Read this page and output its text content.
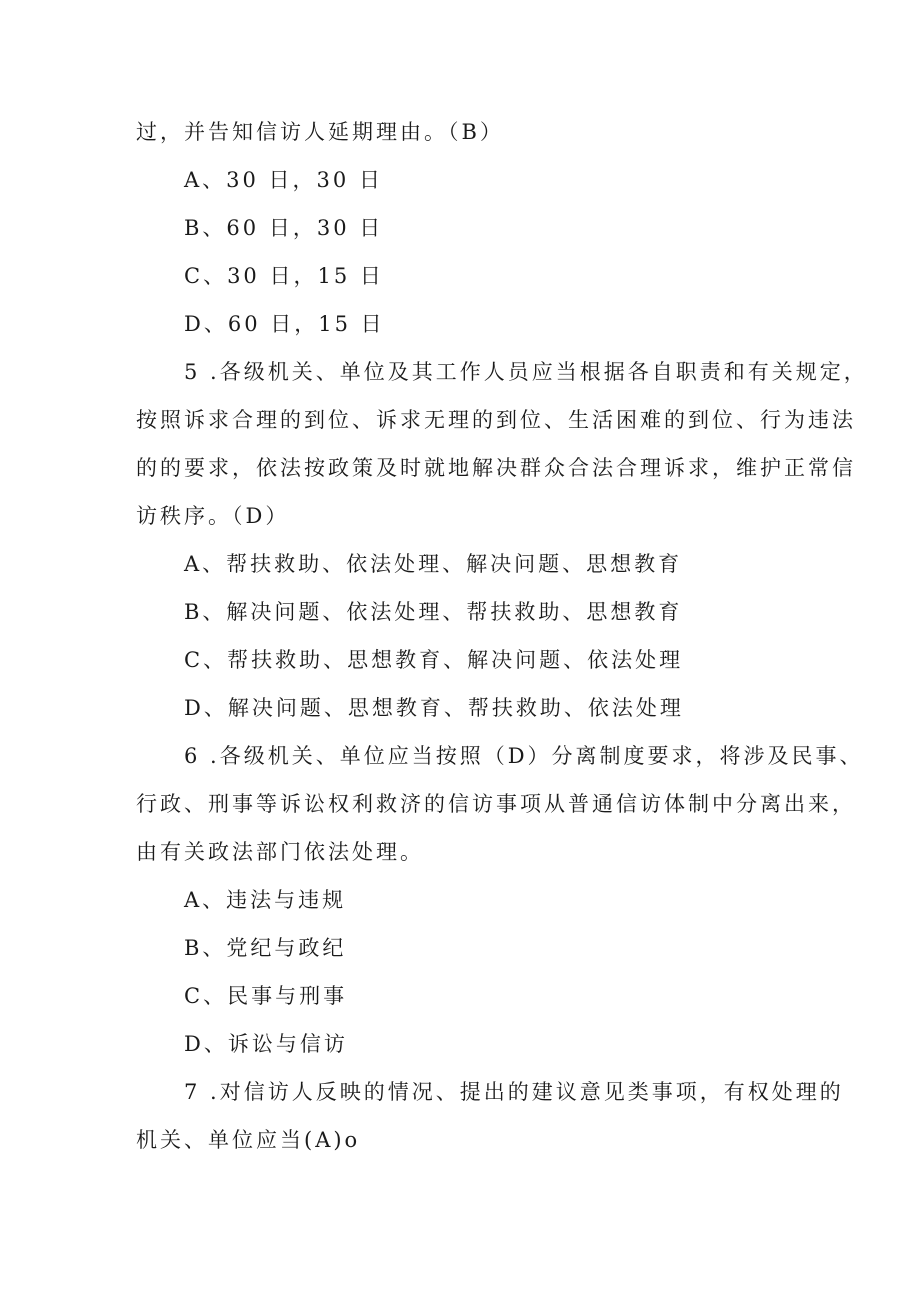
过，并告知信访人延期理由。（B）
A、30 日，30 日
B、60 日，30 日
C、30 日，15 日
D、60 日，15 日
5 .各级机关、单位及其工作人员应当根据各自职责和有关规定，
按照诉求合理的到位、诉求无理的到位、生活困难的到位、行为违法
的的要求，依法按政策及时就地解决群众合法合理诉求，维护正常信
访秩序。（D）
A、帮扶救助、依法处理、解决问题、思想教育
B、解决问题、依法处理、帮扶救助、思想教育
C、帮扶救助、思想教育、解决问题、依法处理
D、解决问题、思想教育、帮扶救助、依法处理
6 .各级机关、单位应当按照（D）分离制度要求，将涉及民事、
行政、刑事等诉讼权利救济的信访事项从普通信访体制中分离出来，
由有关政法部门依法处理。
A、违法与违规
B、党纪与政纪
C、民事与刑事
D、诉讼与信访
7 .对信访人反映的情况、提出的建议意见类事项，有权处理的
机关、单位应当(A)o
